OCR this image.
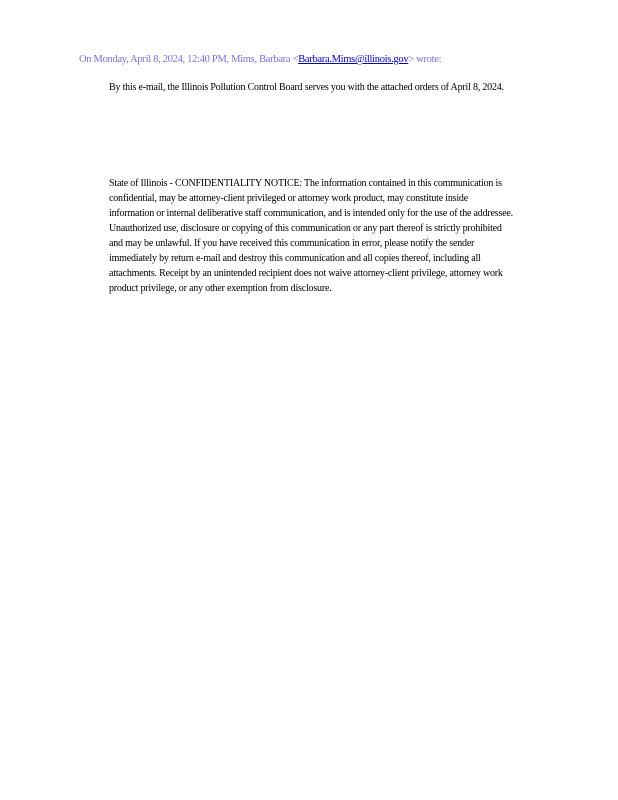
On Monday, April 8, 2024, 12:40 PM, Mims, Barbara <Barbara.Mims@illinois.gov> wrote:
By this e-mail, the Illinois Pollution Control Board serves you with the attached orders of April 8, 2024.
State of Illinois - CONFIDENTIALITY NOTICE: The information contained in this communication is confidential, may be attorney-client privileged or attorney work product, may constitute inside information or internal deliberative staff communication, and is intended only for the use of the addressee. Unauthorized use, disclosure or copying of this communication or any part thereof is strictly prohibited and may be unlawful. If you have received this communication in error, please notify the sender immediately by return e-mail and destroy this communication and all copies thereof, including all attachments. Receipt by an unintended recipient does not waive attorney-client privilege, attorney work product privilege, or any other exemption from disclosure.
